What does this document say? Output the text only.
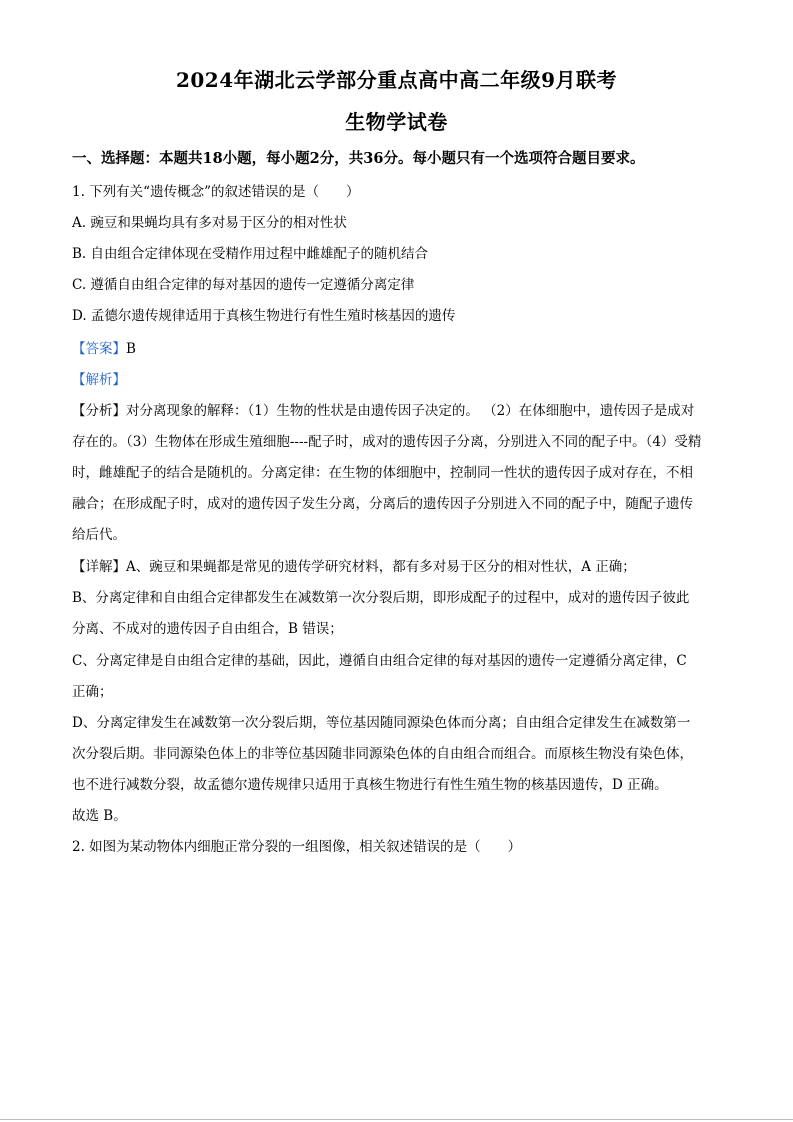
2024年湖北云学部分重点高中高二年级9月联考
生物学试卷
一、选择题：本题共18小题，每小题2分，共36分。每小题只有一个选项符合题目要求。
1. 下列有关“遗传概念”的叙述错误的是（　　）
A. 豌豆和果蝇均具有多对易于区分的相对性状
B. 自由组合定律体现在受精作用过程中雌雄配子的随机结合
C. 遵循自由组合定律的每对基因的遗传一定遵循分离定律
D. 孟德尔遗传规律适用于真核生物进行有性生殖时核基因的遗传
【答案】B
【解析】
【分析】对分离现象的解释：（1）生物的性状是由遗传因子决定的。 （2）在体细胞中，遗传因子是成对
存在的。（3）生物体在形成生殖细胞----配子时，成对的遗传因子分离，分别进入不同的配子中。（4）受精
时，雌雄配子的结合是随机的。分离定律：在生物的体细胞中，控制同一性状的遗传因子成对存在，不相
融合；在形成配子时，成对的遗传因子发生分离，分离后的遗传因子分别进入不同的配子中，随配子遗传
给后代。
【详解】A、豌豆和果蝇都是常见的遗传学研究材料，都有多对易于区分的相对性状，A 正确；
B、分离定律和自由组合定律都发生在减数第一次分裂后期，即形成配子的过程中，成对的遗传因子彼此
分离、不成对的遗传因子自由组合，B 错误；
C、分离定律是自由组合定律的基础，因此，遵循自由组合定律的每对基因的遗传一定遵循分离定律，C
正确；
D、分离定律发生在减数第一次分裂后期，等位基因随同源染色体而分离；自由组合定律发生在减数第一
次分裂后期。非同源染色体上的非等位基因随非同源染色体的自由组合而组合。而原核生物没有染色体，
也不进行减数分裂，故孟德尔遗传规律只适用于真核生物进行有性生殖生物的核基因遗传，D 正确。
故选 B。
2. 如图为某动物体内细胞正常分裂的一组图像，相关叙述错误的是（　　）
